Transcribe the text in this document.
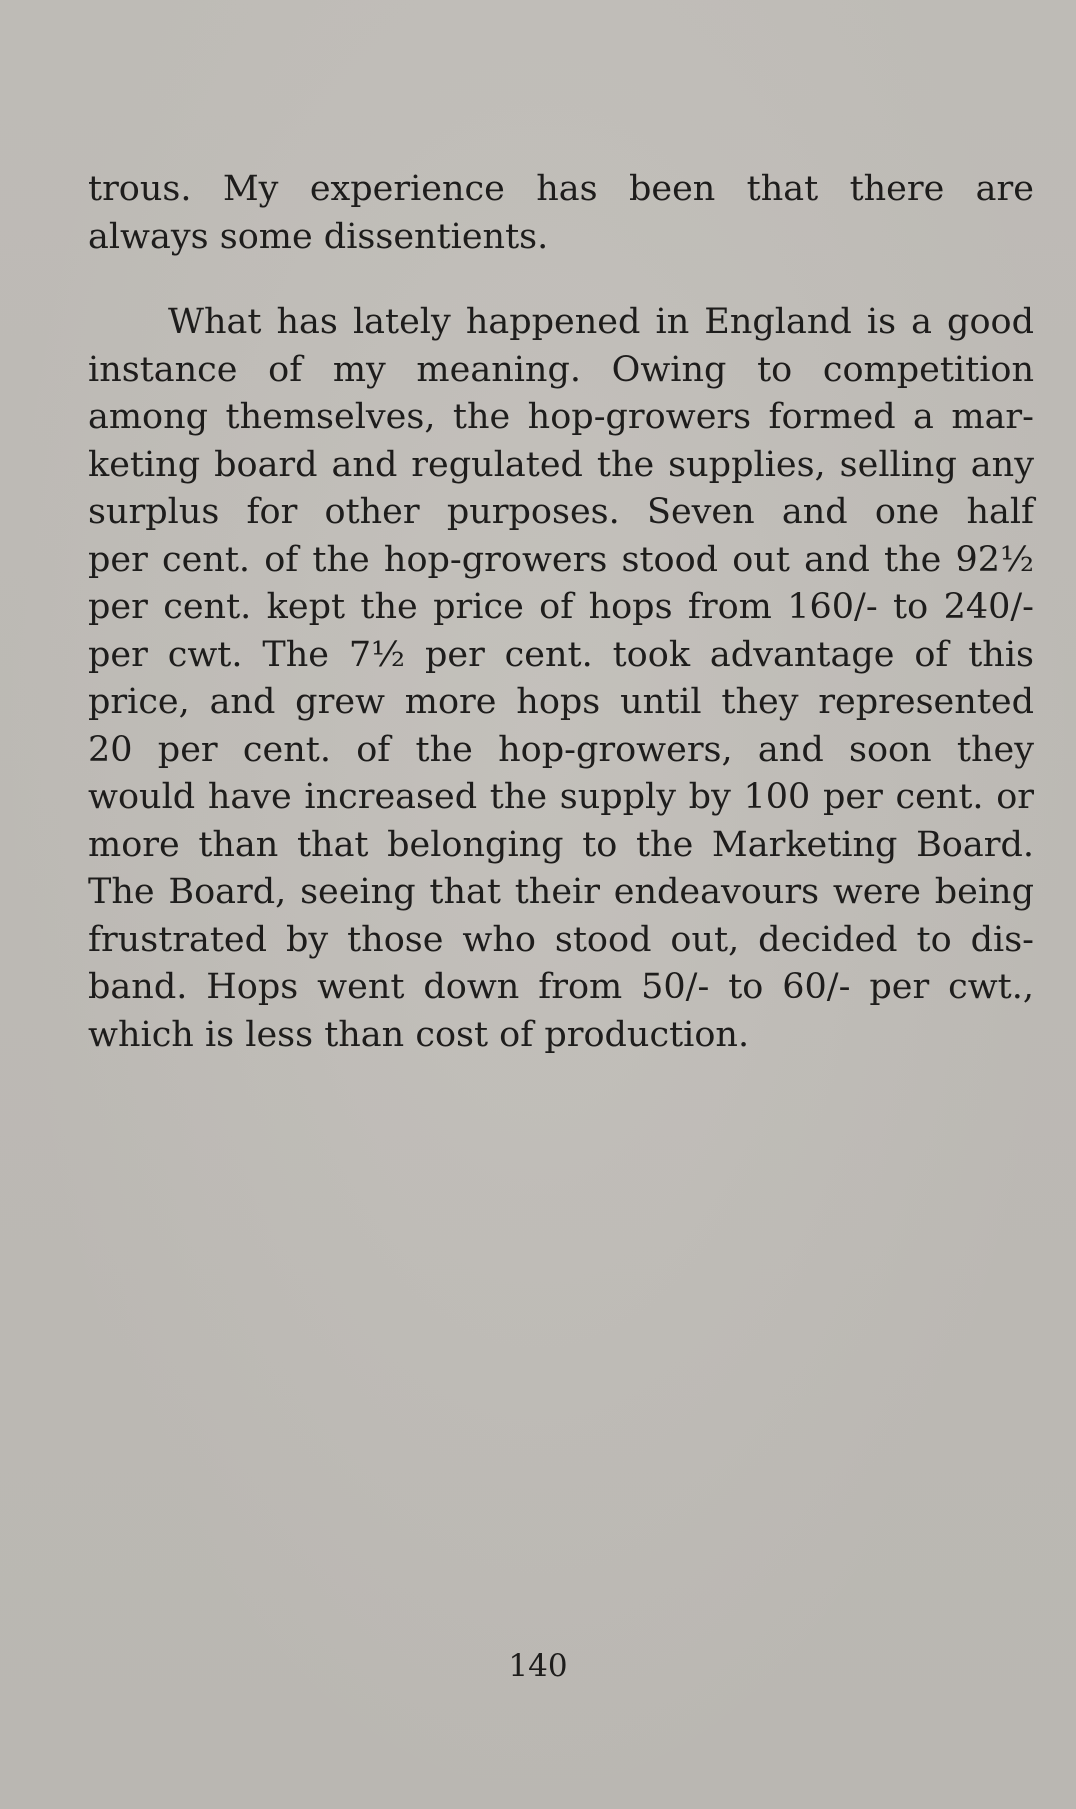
trous. My experience has been that there are
always some dissentients.
What has lately happened in England is a good
instance of my meaning. Owing to competition
among themselves, the hop-growers formed a mar-
keting board and regulated the supplies, selling any
surplus for other purposes. Seven and one half
per cent. of the hop-growers stood out and the 92½
per cent. kept the price of hops from 160/- to 240/-
per cwt. The 7½ per cent. took advantage of this
price, and grew more hops until they represented
20 per cent. of the hop-growers, and soon they
would have increased the supply by 100 per cent. or
more than that belonging to the Marketing Board.
The Board, seeing that their endeavours were being
frustrated by those who stood out, decided to dis-
band. Hops went down from 50/- to 60/- per cwt.,
which is less than cost of production.
140
